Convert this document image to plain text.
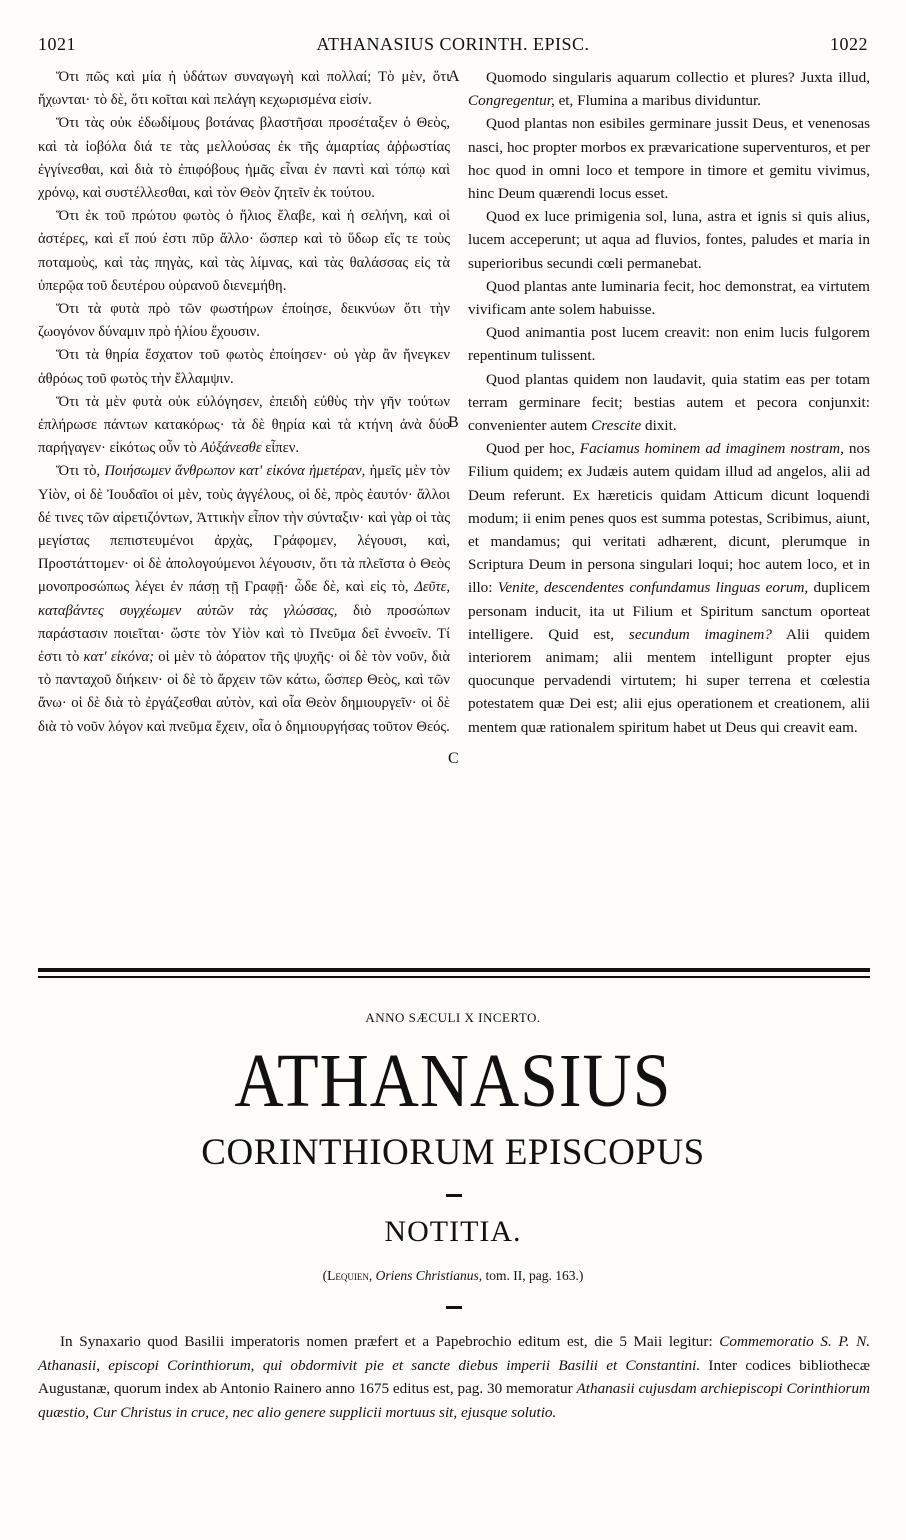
1021	ATHANASIUS CORINTH. EPISC.	1022

Ὅτι πῶς καὶ μία ἡ ὑδάτων συναγωγὴ καὶ πολλαί; Τὸ μὲν, ὅτι ἤχωνται· τὸ δὲ, ὅτι κοῖται καὶ πελάγη κεχωρισμένα εἰσίν.

Ὅτι τὰς οὐκ ἐδωδίμους βοτάνας βλαστῆσαι προσέταξεν ὁ Θεὸς, καὶ τὰ ἰοβόλα διά τε τὰς μελλούσας ἐκ τῆς ἁμαρτίας ἀῤῥωστίας ἐγγίνεσθαι, καὶ διὰ τὸ ἐπιφόβους ἡμᾶς εἶναι ἐν παντὶ καὶ τόπῳ καὶ χρόνῳ, καὶ συστέλλεσθαι, καὶ τὸν Θεὸν ζητεῖν ἐκ τούτου.

Ὅτι ἐκ τοῦ πρώτου φωτὸς ὁ ἥλιος ἔλαβε, καὶ ἡ σελήνη, καὶ οἱ ἀστέρες, καὶ εἴ πού ἐστι πῦρ ἄλλο· ὥσπερ καὶ τὸ ὕδωρ εἴς τε τοὺς ποταμοὺς, καὶ τὰς πηγὰς, καὶ τὰς λίμνας, καὶ τὰς θαλάσσας εἰς τὰ ὑπερῷα τοῦ δευτέρου οὐρανοῦ διενεμήθη.

Ὅτι τὰ φυτὰ πρὸ τῶν φωστήρων ἐποίησε, δεικνύων ὅτι τὴν ζωογόνον δύναμιν πρὸ ἡλίου ἔχουσιν.

Ὅτι τὰ θηρία ἔσχατον τοῦ φωτὸς ἐποίησεν· οὐ γὰρ ἂν ἤνεγκεν ἀθρόως τοῦ φωτὸς τὴν ἔλλαμψιν.

Ὅτι τὰ μὲν φυτὰ οὐκ εὐλόγησεν, ἐπειδὴ εὐθὺς τὴν γῆν τούτων ἐπλήρωσε πάντων κατακόρως· τὰ δὲ θηρία καὶ τὰ κτήνη ἀνὰ δύο παρήγαγεν· εἰκότως οὖν τὸ Αὐξάνεσθε εἶπεν.

Ὅτι τὸ, Ποιήσωμεν ἄνθρωπον κατ' εἰκόνα ἡμετέραν, ἡμεῖς μὲν τὸν Υἱὸν, οἱ δὲ Ἰουδαῖοι οἱ μὲν, τοὺς ἀγγέλους, οἱ δὲ, πρὸς ἑαυτόν· ἄλλοι δέ τινες τῶν αἱρετιζόντων, Ἀττικὴν εἶπον τὴν σύνταξιν· καὶ γὰρ οἱ τὰς μεγίστας πεπιστευμένοι ἀρχὰς, Γράφομεν, λέγουσι, καὶ, Προστάττομεν· οἱ δὲ ἀπολογούμενοι λέγουσιν, ὅτι τὰ πλεῖστα ὁ Θεὸς μονοπροσώπως λέγει ἐν πάσῃ τῇ Γραφῇ· ὧδε δὲ, καὶ εἰς τὸ, Δεῦτε, καταβάντες συγχέωμεν αὐτῶν τὰς γλώσσας, διὸ προσώπων παράστασιν ποιεῖται· ὥστε τὸν Υἱὸν καὶ τὸ Πνεῦμα δεῖ ἐννοεῖν. Τί ἐστι τὸ κατ' εἰκόνα; οἱ μὲν τὸ ἀόρατον τῆς ψυχῆς· οἱ δὲ τὸν νοῦν, διὰ τὸ πανταχοῦ διήκειν· οἱ δὲ τὸ ἄρχειν τῶν κάτω, ὥσπερ Θεὸς, καὶ τῶν ἄνω· οἱ δὲ διὰ τὸ ἐργάζεσθαι αὐτὸν, καὶ οἷα Θεὸν δημιουργεῖν· οἱ δὲ διὰ τὸ νοῦν λόγον καὶ πνεῦμα ἔχειν, οἷα ὁ δημιουργήσας τοῦτον Θεός.

A
B
C

Quomodo singularis aquarum collectio et plures? Juxta illud, Congregentur, et, Flumina a maribus dividuntur.

Quod plantas non esibiles germinare jussit Deus, et venenosas nasci, hoc propter morbos ex prævaricatione superventuros, et per hoc quod in omni loco et tempore in timore et gemitu vivimus, hinc Deum quærendi locus esset.

Quod ex luce primigenia sol, luna, astra et ignis si quis alius, lucem acceperunt; ut aqua ad fluvios, fontes, paludes et maria in superioribus secundi cœli permanebat.

Quod plantas ante luminaria fecit, hoc demonstrat, ea virtutem vivificam ante solem habuisse.

Quod animantia post lucem creavit: non enim lucis fulgorem repentinum tulissent.

Quod plantas quidem non laudavit, quia statim eas per totam terram germinare fecit; bestias autem et pecora conjunxit: convenienter autem Crescite dixit.

Quod per hoc, Faciamus hominem ad imaginem nostram, nos Filium quidem; ex Judæis autem quidam illud ad angelos, alii ad Deum referunt. Ex hæreticis quidam Atticum dicunt loquendi modum; ii enim penes quos est summa potestas, Scribimus, aiunt, et mandamus; qui veritati adhærent, dicunt, plerumque in Scriptura Deum in persona singulari loqui; hoc autem loco, et in illo: Venite, descendentes confundamus linguas eorum, duplicem personam inducit, ita ut Filium et Spiritum sanctum oporteat intelligere. Quid est, secundum imaginem? Alii quidem interiorem animam; alii mentem intelligunt propter ejus quocunque pervadendi virtutem; hi super terrena et cœlestia potestatem quæ Dei est; alii ejus operationem et creationem, alii mentem quæ rationalem spiritum habet ut Deus qui creavit eam.

ANNO SÆCULI X INCERTO.
ATHANASIUS
CORINTHIORUM EPISCOPUS
NOTITIA.
(Lequien, Oriens Christianus, tom. II, pag. 163.)

In Synaxario quod Basilii imperatoris nomen præfert et a Papebrochio editum est, die 5 Maii legitur: Commemoratio S. P. N. Athanasii, episcopi Corinthiorum, qui obdormivit pie et sancte diebus imperii Basilii et Constantini. Inter codices bibliothecæ Augustanæ, quorum index ab Antonio Rainero anno 1675 editus est, pag. 30 memoratur Athanasii cujusdam archiepiscopi Corinthiorum quæstio, Cur Christus in cruce, nec alio genere supplicii mortuus sit, ejusque solutio.
